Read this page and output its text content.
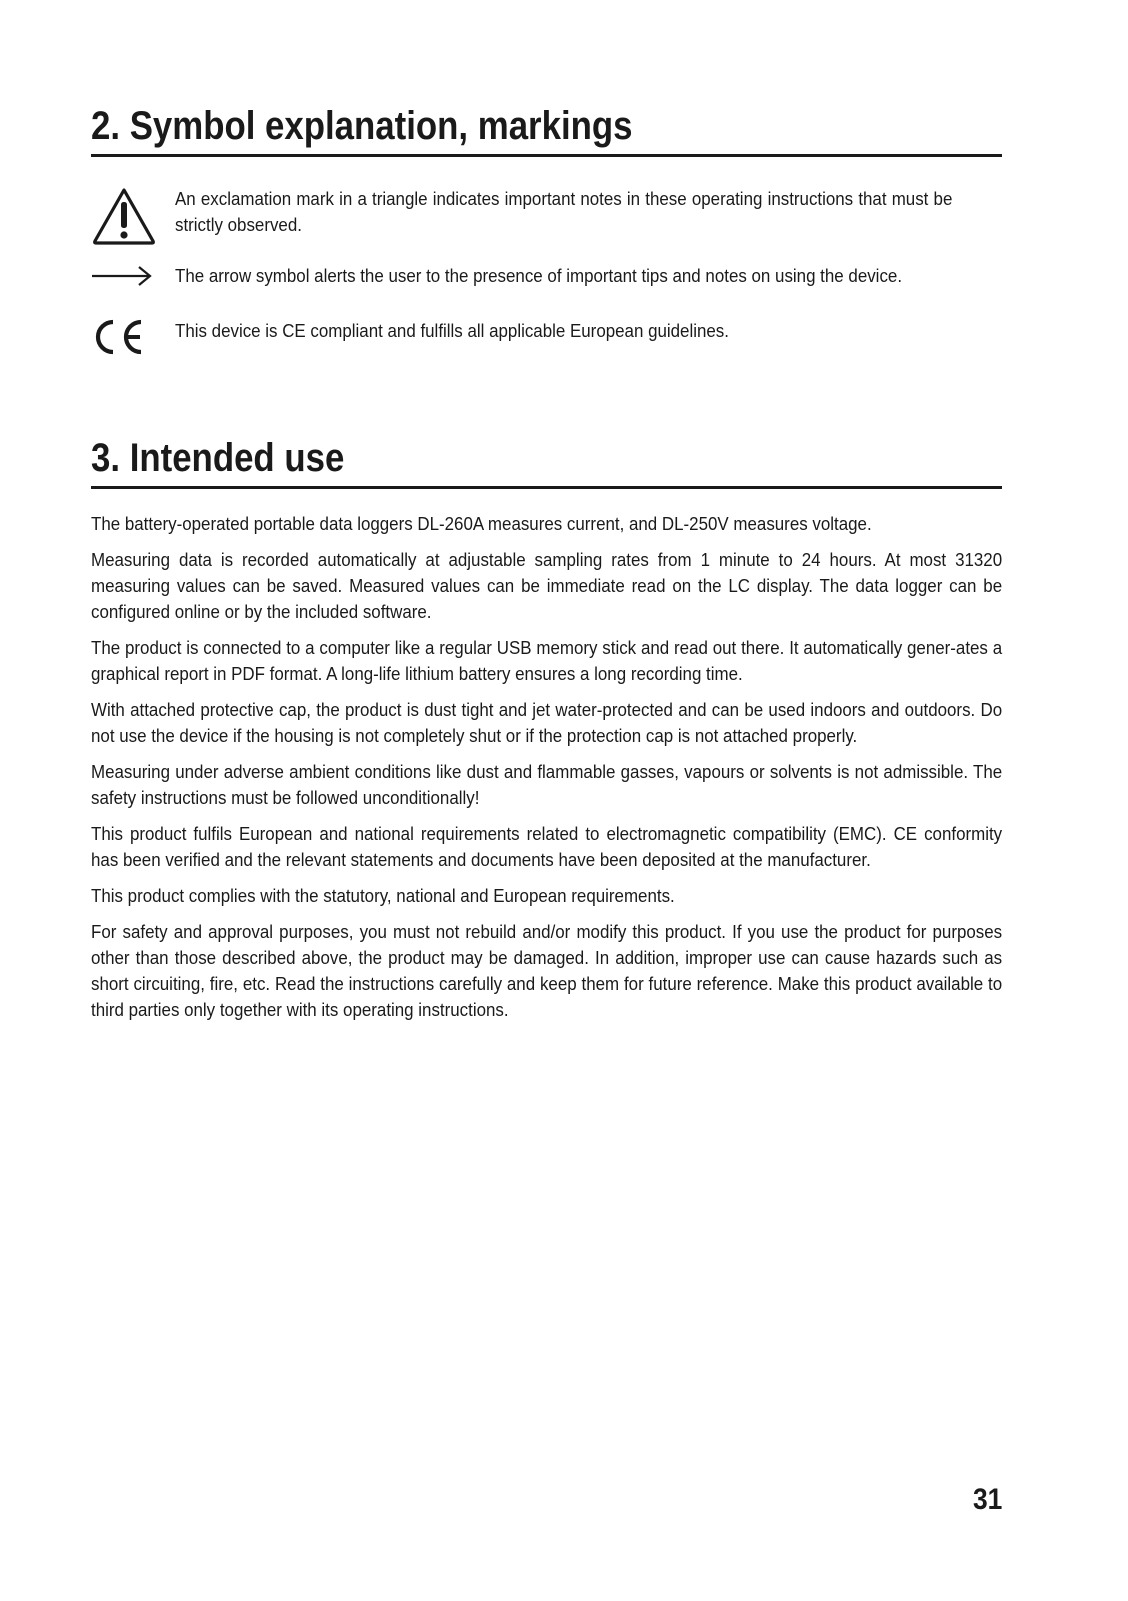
2. Symbol explanation, markings
An exclamation mark in a triangle indicates important notes in these operating instructions that must be strictly observed.
The arrow symbol alerts the user to the presence of important tips and notes on using the device.
This device is CE compliant and fulfills all applicable European guidelines.
3. Intended use

The battery-operated portable data loggers DL-260A measures current, and DL-250V measures voltage.

Measuring data is recorded automatically at adjustable sampling rates from 1 minute to 24 hours. At most 31320 measuring values can be saved. Measured values can be immediate read on the LC display. The data logger can be configured online or by the included software.

The product is connected to a computer like a regular USB memory stick and read out there. It automatically gener-ates a graphical report in PDF format. A long-life lithium battery ensures a long recording time.

With attached protective cap, the product is dust tight and jet water-protected and can be used indoors and outdoors. Do not use the device if the housing is not completely shut or if the protection cap is not attached properly.

Measuring under adverse ambient conditions like dust and flammable gasses, vapours or solvents is not admissible. The safety instructions must be followed unconditionally!

This product fulfils European and national requirements related to electromagnetic compatibility (EMC). CE conformity has been verified and the relevant statements and documents have been deposited at the manufacturer.

This product complies with the statutory, national and European requirements.

For safety and approval purposes, you must not rebuild and/or modify this product. If you use the product for purposes other than those described above, the product may be damaged. In addition, improper use can cause hazards such as short circuiting, fire, etc. Read the instructions carefully and keep them for future reference. Make this product available to third parties only together with its operating instructions.

31
